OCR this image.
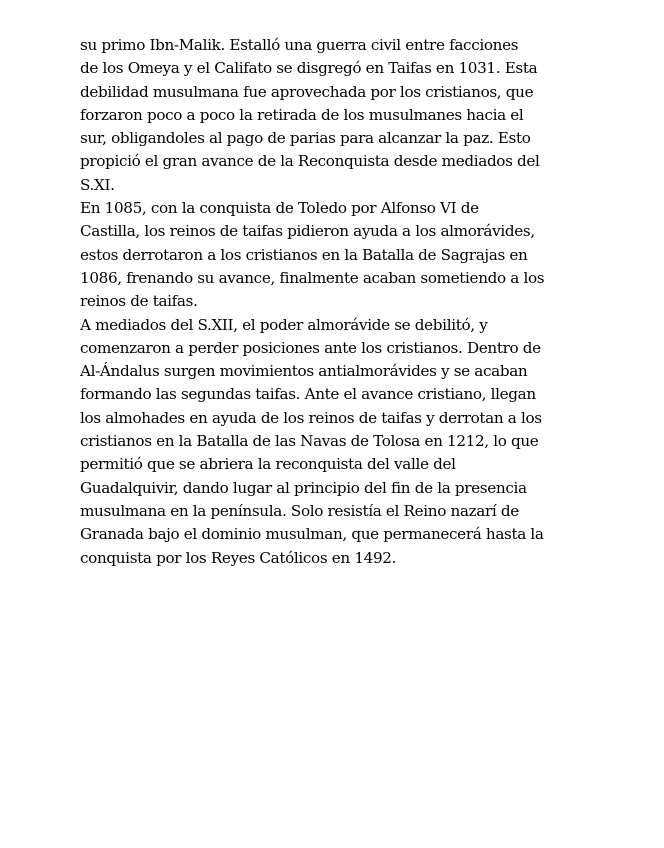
su primo Ibn-Malik. Estalló una guerra civil entre facciones
de los Omeya y el Califato se disgregó en Taifas en 1031. Esta
debilidad musulmana fue aprovechada por los cristianos, que
forzaron poco a poco la retirada de los musulmanes hacia el
sur, obligandoles al pago de parias para alcanzar la paz. Esto
propició el gran avance de la Reconquista desde mediados del
S.XI.
En 1085, con la conquista de Toledo por Alfonso VI de
Castilla, los reinos de taifas pidieron ayuda a los almorávides,
estos derrotaron a los cristianos en la Batalla de Sagrajas en
1086, frenando su avance, finalmente acaban sometiendo a los
reinos de taifas.
A mediados del S.XII, el poder almorávide se debilitó, y
comenzaron a perder posiciones ante los cristianos. Dentro de
Al-Ándalus surgen movimientos antialmorávides y se acaban
formando las segundas taifas. Ante el avance cristiano, llegan
los almohades en ayuda de los reinos de taifas y derrotan a los
cristianos en la Batalla de las Navas de Tolosa en 1212, lo que
permitió que se abriera la reconquista del valle del
Guadalquivir, dando lugar al principio del fin de la presencia
musulmana en la península. Solo resistía el Reino nazarí de
Granada bajo el dominio musulman, que permanecerá hasta la
conquista por los Reyes Católicos en 1492.
